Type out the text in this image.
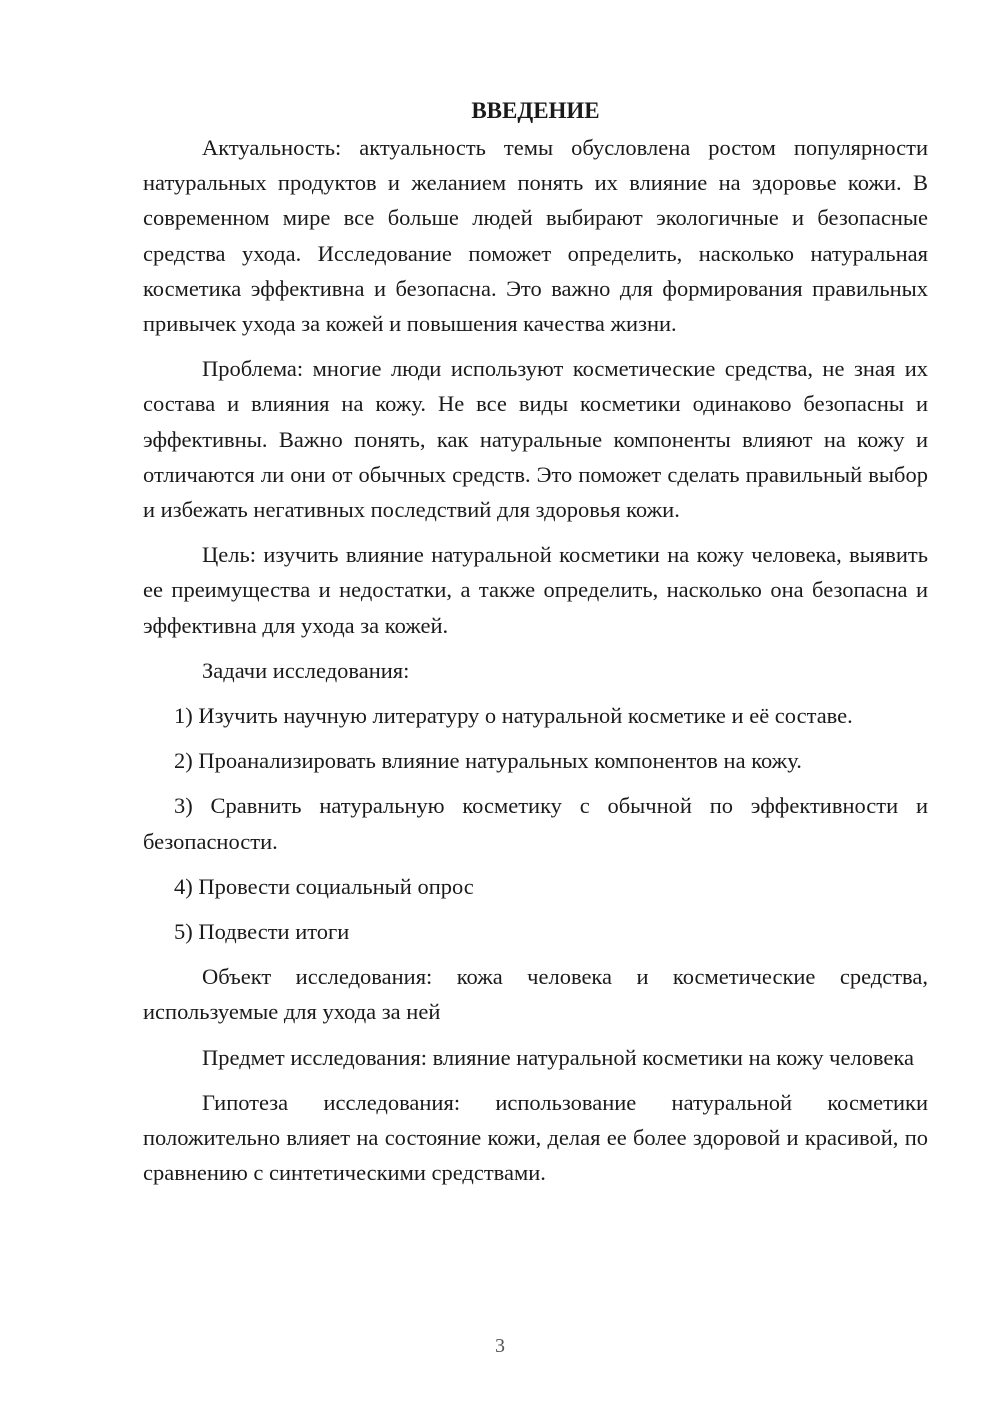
ВВЕДЕНИЕ

Актуальность: актуальность темы обусловлена ростом популярности натуральных продуктов и желанием понять их влияние на здоровье кожи. В современном мире все больше людей выбирают экологичные и безопасные средства ухода. Исследование поможет определить, насколько натуральная косметика эффективна и безопасна. Это важно для формирования правильных привычек ухода за кожей и повышения качества жизни.

Проблема: многие люди используют косметические средства, не зная их состава и влияния на кожу. Не все виды косметики одинаково безопасны и эффективны. Важно понять, как натуральные компоненты влияют на кожу и отличаются ли они от обычных средств. Это поможет сделать правильный выбор и избежать негативных последствий для здоровья кожи.

Цель: изучить влияние натуральной косметики на кожу человека, выявить ее преимущества и недостатки, а также определить, насколько она безопасна и эффективна для ухода за кожей.

Задачи исследования:

1) Изучить научную литературу о натуральной косметике и её составе.

2) Проанализировать влияние натуральных компонентов на кожу.

3) Сравнить натуральную косметику с обычной по эффективности и безопасности.

4) Провести социальный опрос

5) Подвести итоги

Объект исследования: кожа человека и косметические средства, используемые для ухода за ней

Предмет исследования: влияние натуральной косметики на кожу человека

Гипотеза исследования: использование натуральной косметики положительно влияет на состояние кожи, делая ее более здоровой и красивой, по сравнению с синтетическими средствами.

3
